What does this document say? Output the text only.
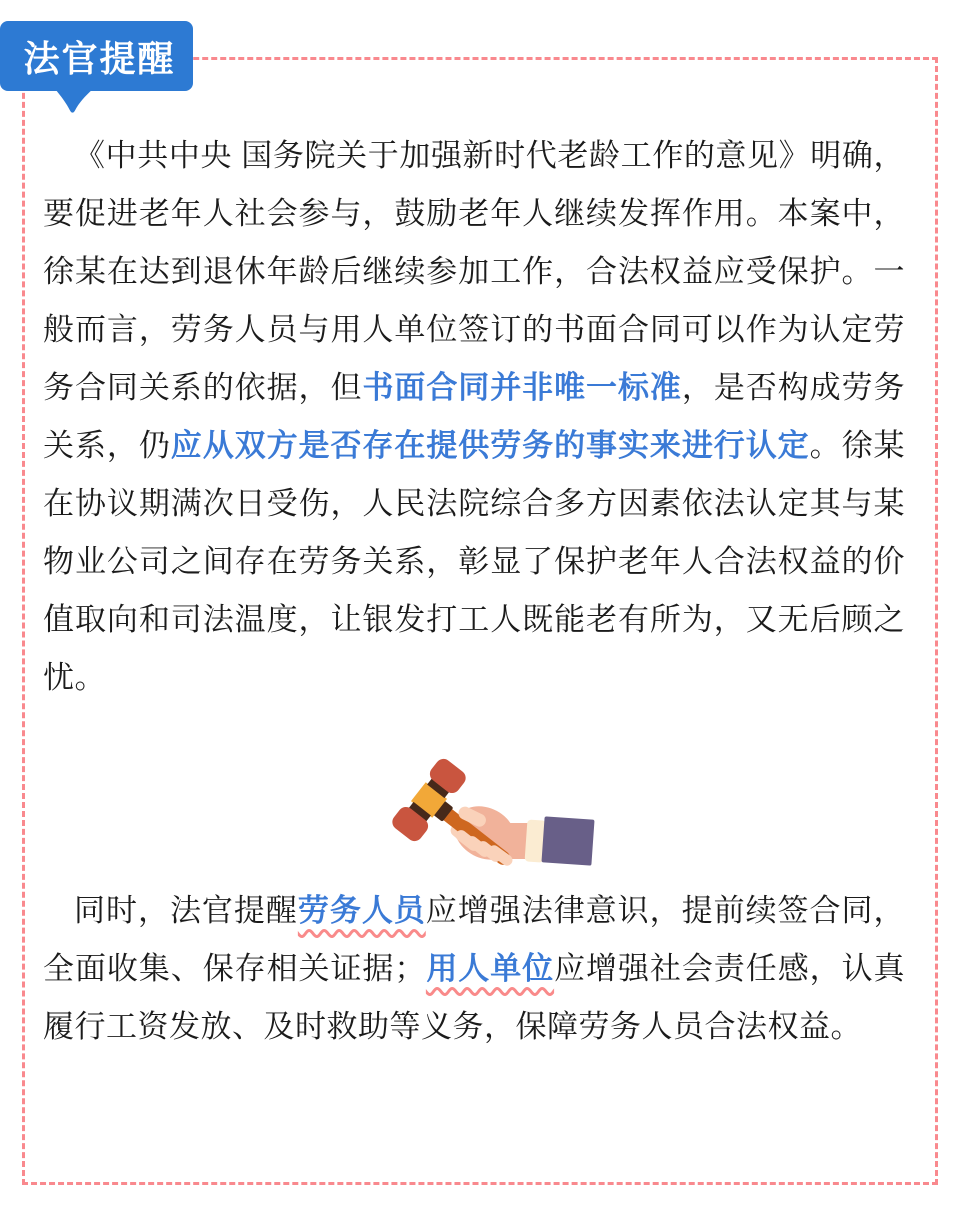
法官提醒

《中共中央 国务院关于加强新时代老龄工作的意见》明确，要促进老年人社会参与，鼓励老年人继续发挥作用。本案中，徐某在达到退休年龄后继续参加工作，合法权益应受保护。一般而言，劳务人员与用人单位签订的书面合同可以作为认定劳务合同关系的依据，但书面合同并非唯一标准，是否构成劳务关系，仍应从双方是否存在提供劳务的事实来进行认定。徐某在协议期满次日受伤，人民法院综合多方因素依法认定其与某物业公司之间存在劳务关系，彰显了保护老年人合法权益的价值取向和司法温度，让银发打工人既能老有所为，又无后顾之忧。

同时，法官提醒劳务人员应增强法律意识，提前续签合同，全面收集、保存相关证据；用人单位应增强社会责任感，认真履行工资发放、及时救助等义务，保障劳务人员合法权益。
